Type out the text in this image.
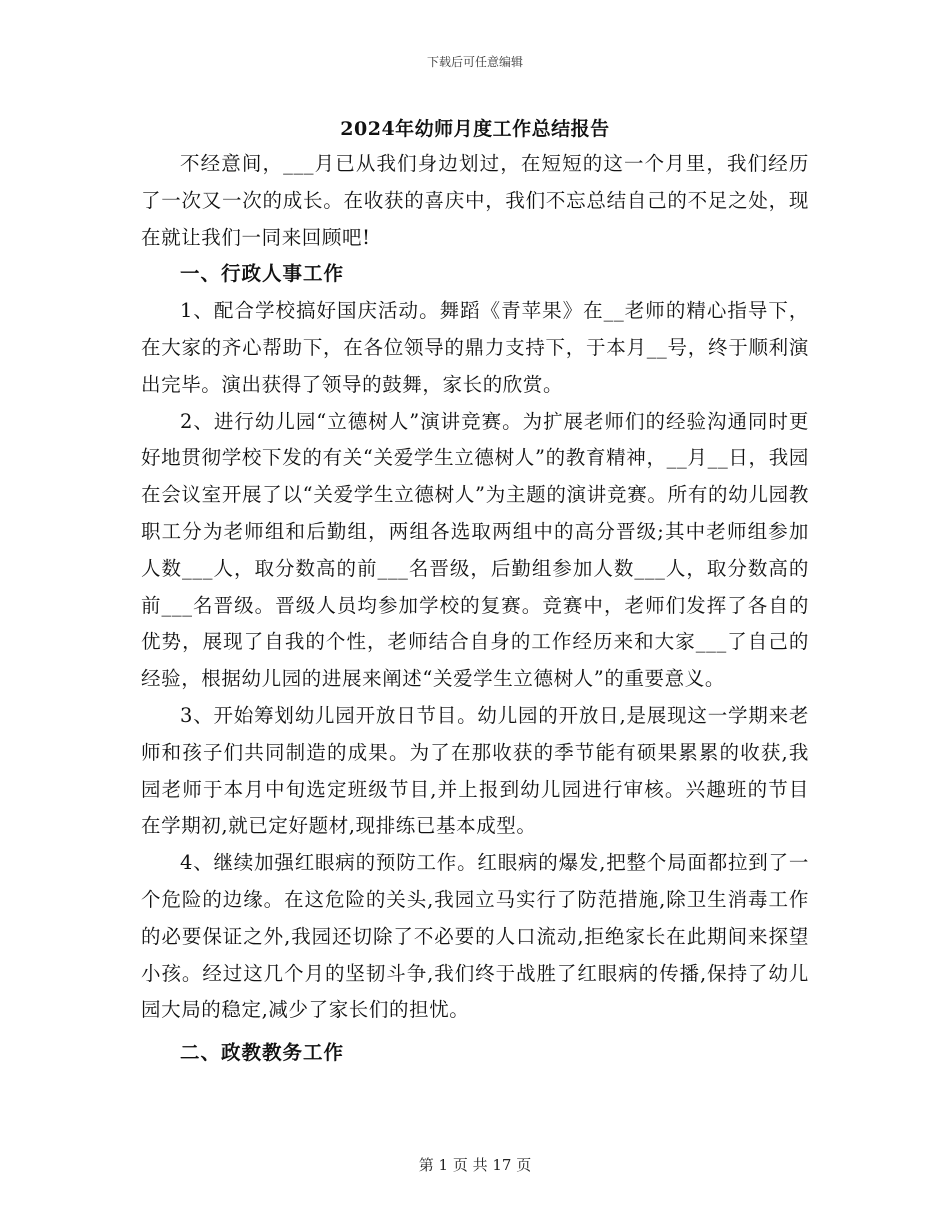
下载后可任意编辑
2024年幼师月度工作总结报告

不经意间，___月已从我们身边划过，在短短的这一个月里，我们经历了一次又一次的成长。在收获的喜庆中，我们不忘总结自己的不足之处，现在就让我们一同来回顾吧!

一、行政人事工作

1、配合学校搞好国庆活动。舞蹈《青苹果》在__老师的精心指导下，在大家的齐心帮助下，在各位领导的鼎力支持下，于本月__号，终于顺利演出完毕。演出获得了领导的鼓舞，家长的欣赏。

2、进行幼儿园“立德树人”演讲竞赛。为扩展老师们的经验沟通同时更好地贯彻学校下发的有关“关爱学生立德树人”的教育精神，__月__日，我园在会议室开展了以“关爱学生立德树人”为主题的演讲竞赛。所有的幼儿园教职工分为老师组和后勤组，两组各选取两组中的高分晋级;其中老师组参加人数___人，取分数高的前___名晋级，后勤组参加人数___人，取分数高的前___名晋级。晋级人员均参加学校的复赛。竞赛中，老师们发挥了各自的优势，展现了自我的个性，老师结合自身的工作经历来和大家___了自己的经验，根据幼儿园的进展来阐述“关爱学生立德树人”的重要意义。

3、开始筹划幼儿园开放日节目。幼儿园的开放日,是展现这一学期来老师和孩子们共同制造的成果。为了在那收获的季节能有硕果累累的收获,我园老师于本月中旬选定班级节目,并上报到幼儿园进行审核。兴趣班的节目在学期初,就已定好题材,现排练已基本成型。

4、继续加强红眼病的预防工作。红眼病的爆发,把整个局面都拉到了一个危险的边缘。在这危险的关头,我园立马实行了防范措施,除卫生消毒工作的必要保证之外,我园还切除了不必要的人口流动,拒绝家长在此期间来探望小孩。经过这几个月的坚韧斗争,我们终于战胜了红眼病的传播,保持了幼儿园大局的稳定,减少了家长们的担忧。

二、政教教务工作
第 1 页 共 17 页
